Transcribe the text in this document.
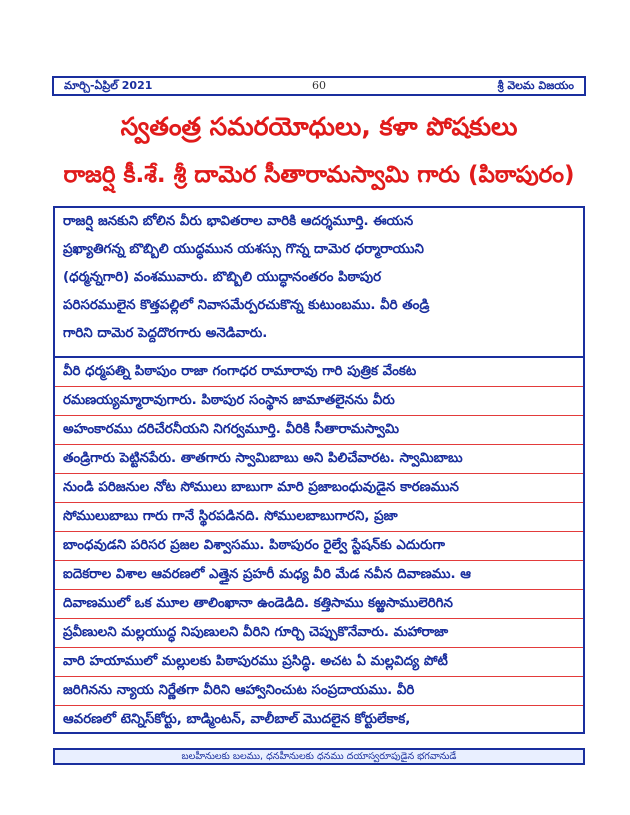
మార్చి-ఏప్రిల్ 2021	60	శ్రీ వెలమ విజయం
స్వతంత్ర సమరయోధులు, కళా పోషకులు
రాజర్షి కీ.శే. శ్రీ దామెర సీతారామస్వామి గారు (పిఠాపురం)
రాజర్షి జనకుని బోలిన వీరు భావితరాల వారికి ఆదర్శమూర్తి. ఈయన
ప్రఖ్యాతిగన్న బొబ్బిలి యుద్ధమున యశస్సు గొన్న దామెర ధర్మారాయుని
(ధర్మన్నగారి) వంశమువారు. బొబ్బిలి యుద్ధానంతరం పిఠాపుర
పరిసరములైన కొత్తపల్లిలో నివాసమేర్పరచుకొన్న కుటుంబము. వీరి తండ్రి
గారిని దామెర పెద్దదొరగారు అనెడివారు.
వీరి ధర్మపత్ని పిఠాపుం రాజా గంగాధర రామారావు గారి పుత్రిక వేంకట
రమణయ్యమ్మారావుగారు. పిఠాపుర సంస్థాన జామాతలైనను వీరు
అహంకారము దరిచేరనీయని నిగర్వమూర్తి. వీరికి సీతారామస్వామి
తండ్రిగారు పెట్టినపేరు. తాతగారు స్వామిబాబు అని పిలిచేవారట. స్వామిబాబు
నుండి పరిజనుల నోట సోములు బాబుగా మారి ప్రజాబంధువుడైన కారణమున
సోములుబాబు గారు గానే స్థిరపడినది. సోములబాబుగారని, ప్రజా
బాంధవుడని పరిసర ప్రజల విశ్వాసము. పిఠాపురం రైల్వే స్టేషన్‌కు ఎదురుగా
ఐదెకరాల విశాల ఆవరణలో ఎత్తైన ప్రహరీ మధ్య వీరి మేడ నవీన దివాణము. ఆ
దివాణములో ఒక మూల తాలింఖానా ఉండెడిది. కత్తిసాము కఱ్ఱసాములెరిగిన
ప్రవీణులని మల్లయుద్ధ నిపుణులని వీరిని గూర్చి చెప్పుకొనేవారు. మహారాజా
వారి హయాములో మల్లులకు పిఠాపురము ప్రసిద్ధి. అచట ఏ మల్లవిద్య పోటీ
జరిగినను న్యాయ నిర్ణేతగా వీరిని ఆహ్వానించుట సంప్రదాయము. వీరి
ఆవరణలో టెన్నిస్‌కోర్టు, బాడ్మింటన్, వాలీబాల్ మొదలైన కోర్టులేకాక,
బలహీనులకు బలము, ధనహీనులకు ధనము దయాస్వరూపుడైన భగవానుడే
